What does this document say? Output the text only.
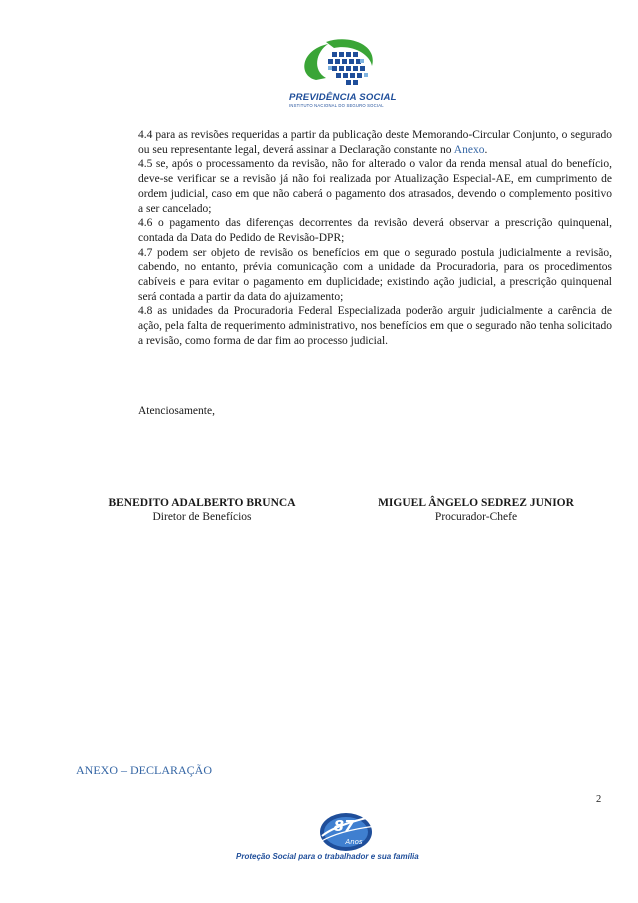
PREVIDÊNCIA SOCIAL
INSTITUTO NACIONAL DO SEGURO SOCIAL

4.4 para as revisões requeridas a partir da publicação deste Memorando-Circular Conjunto, o segurado ou seu representante legal, deverá assinar a Declaração constante no Anexo.

4.5 se, após o processamento da revisão, não for alterado o valor da renda mensal atual do benefício, deve-se verificar se a revisão já não foi realizada por Atualização Especial-AE, em cumprimento de ordem judicial, caso em que não caberá o pagamento dos atrasados, devendo o complemento positivo a ser cancelado;

4.6 o pagamento das diferenças decorrentes da revisão deverá observar a prescrição quinquenal, contada da Data do Pedido de Revisão-DPR;

4.7 podem ser objeto de revisão os benefícios em que o segurado postula judicialmente a revisão, cabendo, no entanto, prévia comunicação com a unidade da Procuradoria, para os procedimentos cabíveis e para evitar o pagamento em duplicidade; existindo ação judicial, a prescrição quinquenal será contada a partir da data do ajuizamento;

4.8 as unidades da Procuradoria Federal Especializada poderão arguir judicialmente a carência de ação, pela falta de requerimento administrativo, nos benefícios em que o segurado não tenha solicitado a revisão, como forma de dar fim ao processo judicial.

Atenciosamente,
BENEDITO ADALBERTO BRUNCA
Diretor de Benefícios
MIGUEL ÂNGELO SEDREZ JUNIOR
Procurador-Chefe
ANEXO – DECLARAÇÃO
2
87
Anos
Proteção Social para o trabalhador e sua família
